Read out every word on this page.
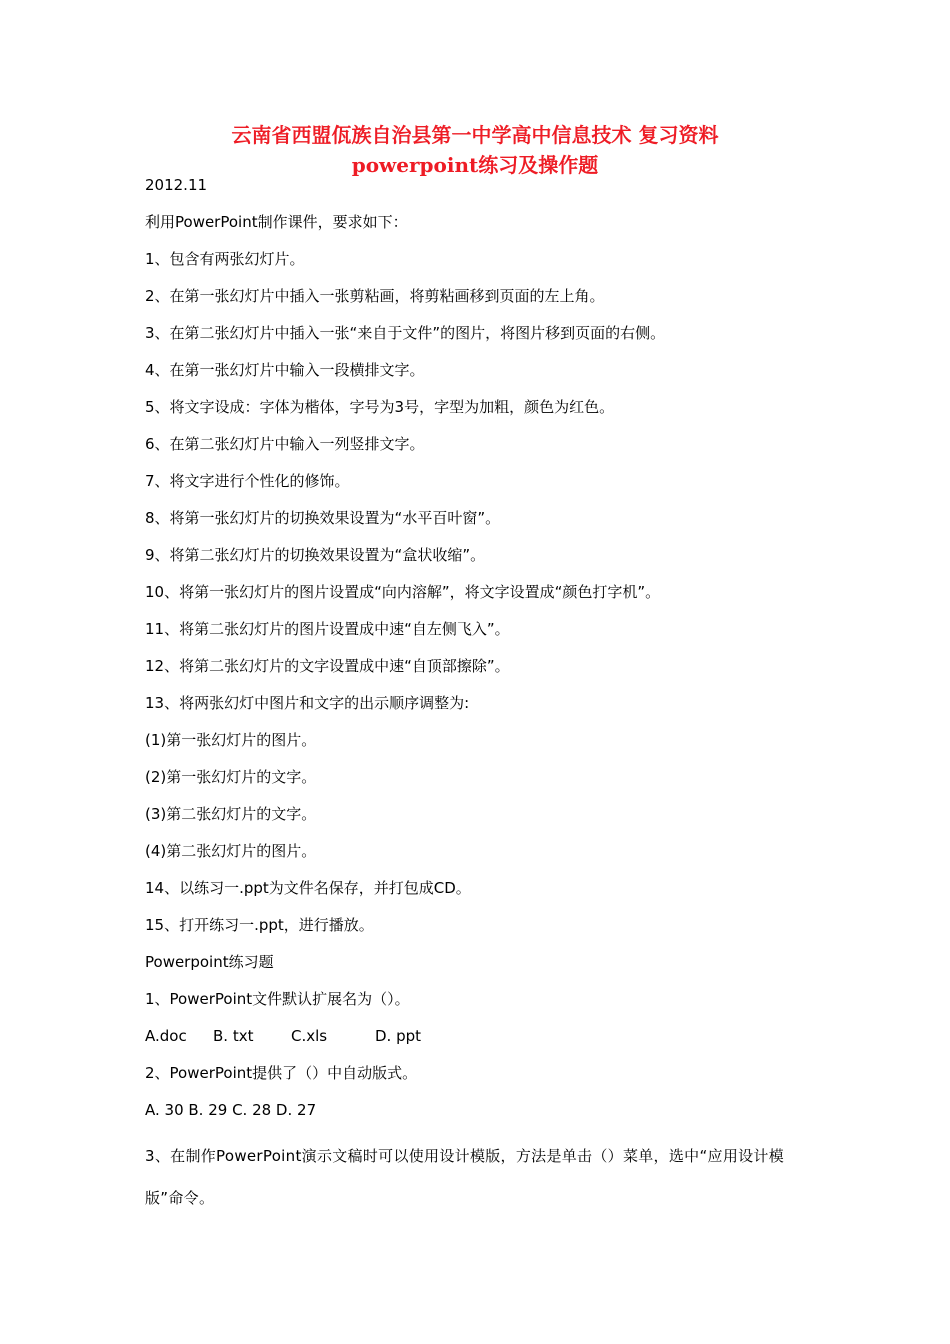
云南省西盟佤族自治县第一中学高中信息技术 复习资料
powerpoint练习及操作题
2012.11
利用PowerPoint制作课件，要求如下：
1、包含有两张幻灯片。
2、在第一张幻灯片中插入一张剪粘画，将剪粘画移到页面的左上角。
3、在第二张幻灯片中插入一张“来自于文件”的图片，将图片移到页面的右侧。
4、在第一张幻灯片中输入一段横排文字。
5、将文字设成：字体为楷体，字号为3号，字型为加粗，颜色为红色。
6、在第二张幻灯片中输入一列竖排文字。
7、将文字进行个性化的修饰。
8、将第一张幻灯片的切换效果设置为“水平百叶窗”。
9、将第二张幻灯片的切换效果设置为“盒状收缩”。
10、将第一张幻灯片的图片设置成“向内溶解”，将文字设置成“颜色打字机”。
11、将第二张幻灯片的图片设置成中速“自左侧飞入”。
12、将第二张幻灯片的文字设置成中速“自顶部擦除”。
13、将两张幻灯中图片和文字的出示顺序调整为:
(1)第一张幻灯片的图片。
(2)第一张幻灯片的文字。
(3)第二张幻灯片的文字。
(4)第二张幻灯片的图片。
14、以练习一.ppt为文件名保存，并打包成CD。
15、打开练习一.ppt，进行播放。
Powerpoint练习题
1、PowerPoint文件默认扩展名为（）。
A.doc B. txt	C.xls	D. ppt
2、PowerPoint提供了（）中自动版式。
A. 30 B. 29 C. 28 D. 27
3、在制作PowerPoint演示文稿时可以使用设计模版，方法是单击（）菜单，选中“应用设计模版”命令。
